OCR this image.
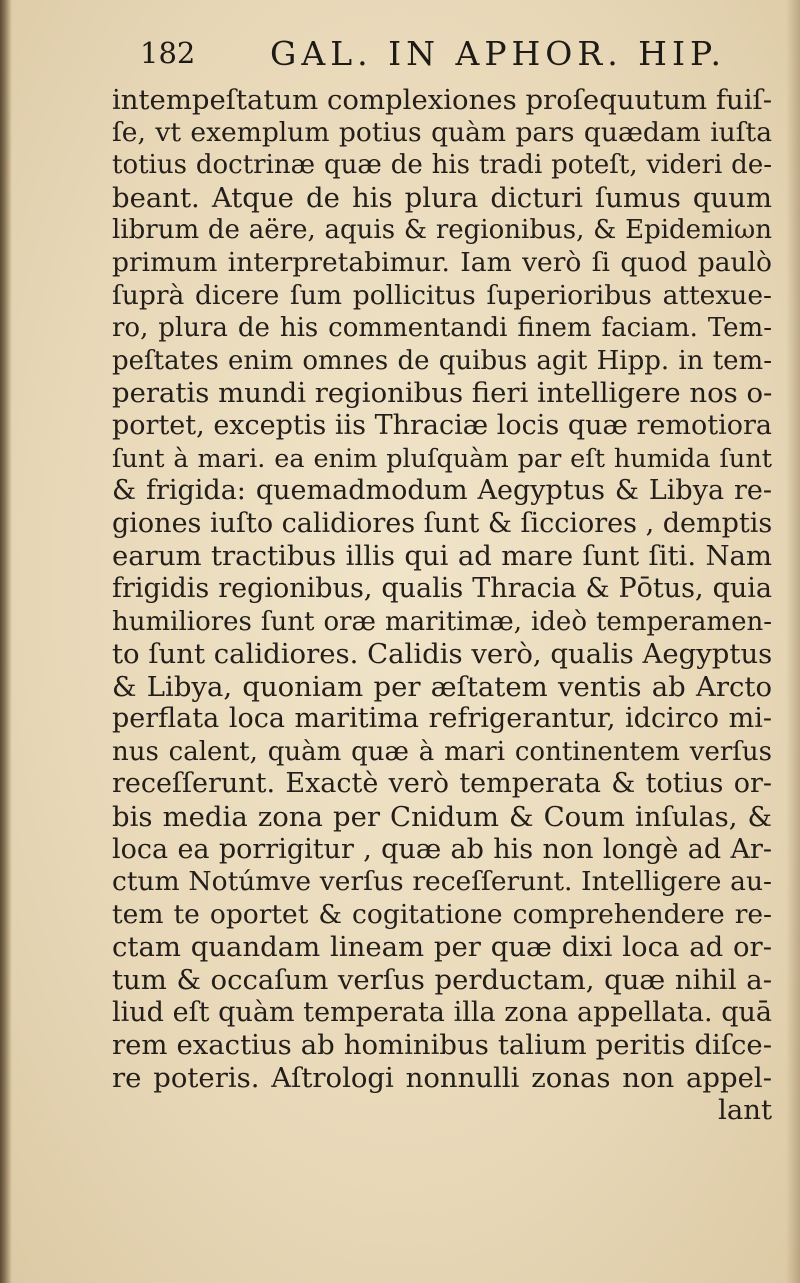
182 GAL. IN APHOR. HIP.
intempeſtatum complexiones proſequutum fuiſ-
ſe, vt exemplum potius quàm pars quædam iuſta
totius doctrinæ quæ de his tradi poteſt, videri de-
beant. Atque de his plura dicturi ſumus quum
librum de aëre, aquis & regionibus, & Epidemiωn
primum interpretabimur. Iam verò ſi quod paulò
ſuprà dicere ſum pollicitus ſuperioribus attexue-
ro, plura de his commentandi finem faciam. Tem-
peſtates enim omnes de quibus agit Hipp. in tem-
peratis mundi regionibus fieri intelligere nos o-
portet, exceptis iis Thraciæ locis quæ remotiora
ſunt à mari. ea enim pluſquàm par eſt humida ſunt
& frigida: quemadmodum Aegyptus & Libya re-
giones iuſto calidiores ſunt & ſicciores , demptis
earum tractibus illis qui ad mare ſunt ſiti. Nam
frigidis regionibus, qualis Thracia & Pōtus, quia
humiliores ſunt oræ maritimæ, ideò temperamen-
to ſunt calidiores. Calidis verò, qualis Aegyptus
& Libya, quoniam per æſtatem ventis ab Arcto
perflata loca maritima refrigerantur, idcirco mi-
nus calent, quàm quæ à mari continentem verſus
receſſerunt. Exactè verò temperata & totius or-
bis media zona per Cnidum & Coum inſulas, &
loca ea porrigitur , quæ ab his non longè ad Ar-
ctum Notúmve verſus receſſerunt. Intelligere au-
tem te oportet & cogitatione comprehendere re-
ctam quandam lineam per quæ dixi loca ad or-
tum & occaſum verſus perductam, quæ nihil a-
liud eſt quàm temperata illa zona appellata. quā
rem exactius ab hominibus talium peritis diſce-
re poteris. Aſtrologi nonnulli zonas non appel-
lant
